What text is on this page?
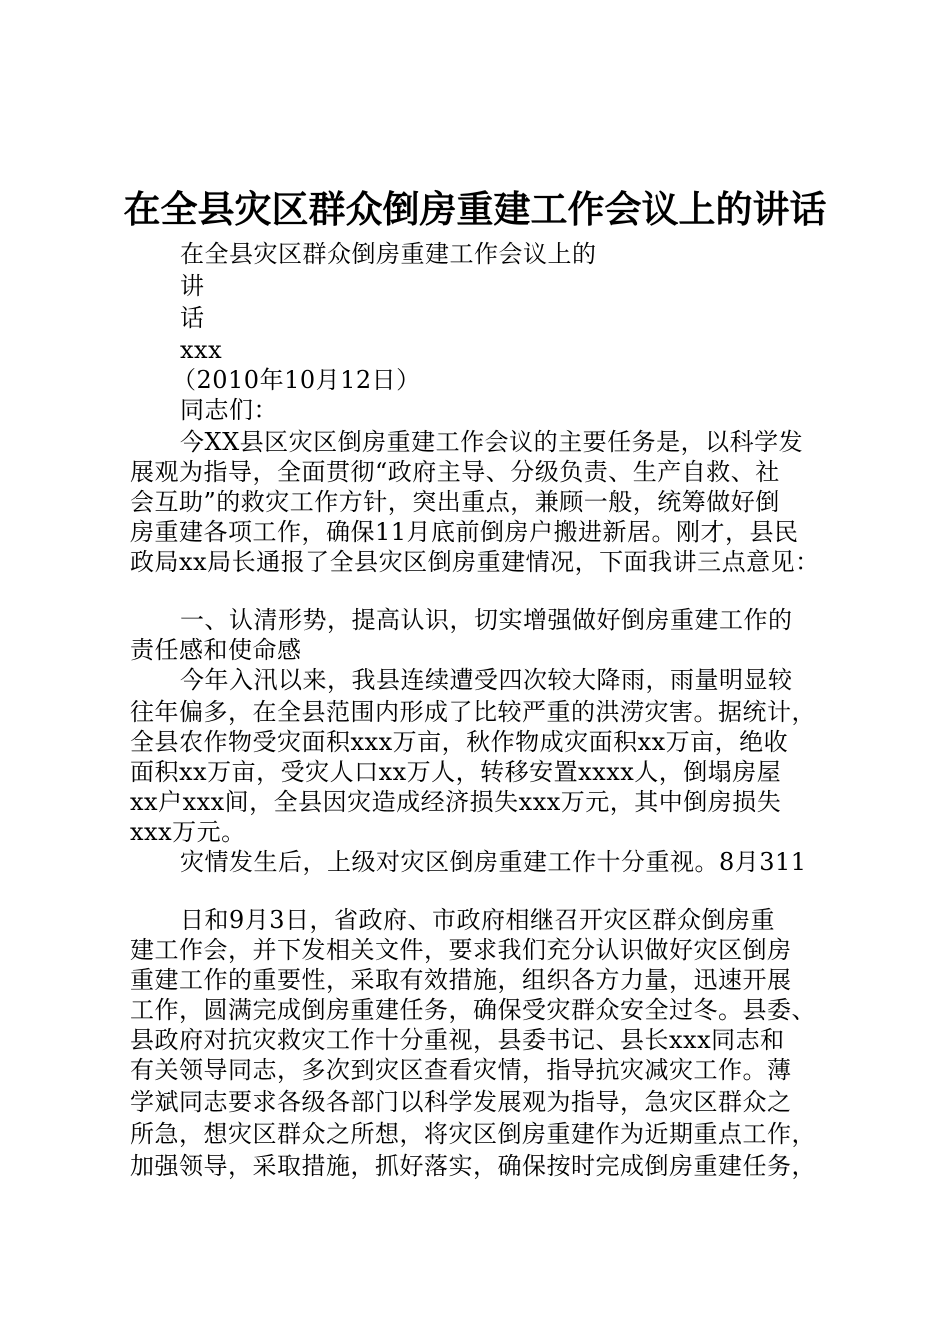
在全县灾区群众倒房重建工作会议上的讲话
在全县灾区群众倒房重建工作会议上的
讲
话
xxx
（2010年10月12日）
同志们：
今XX县区灾区倒房重建工作会议的主要任务是，以科学发
展观为指导，全面贯彻“政府主导、分级负责、生产自救、社
会互助”的救灾工作方针，突出重点，兼顾一般，统筹做好倒
房重建各项工作，确保11月底前倒房户搬进新居。刚才，县民
政局xx局长通报了全县灾区倒房重建情况，下面我讲三点意见：
一、认清形势，提高认识，切实增强做好倒房重建工作的
责任感和使命感
今年入汛以来，我县连续遭受四次较大降雨，雨量明显较
往年偏多，在全县范围内形成了比较严重的洪涝灾害。据统计，
全县农作物受灾面积xxx万亩，秋作物成灾面积xx万亩，绝收
面积xx万亩，受灾人口xx万人，转移安置xxxx人，倒塌房屋
xx户xxx间，全县因灾造成经济损失xxx万元，其中倒房损失
xxx万元。
灾情发生后，上级对灾区倒房重建工作十分重视。8月311
日和9月3日，省政府、市政府相继召开灾区群众倒房重
建工作会，并下发相关文件，要求我们充分认识做好灾区倒房
重建工作的重要性，采取有效措施，组织各方力量，迅速开展
工作，圆满完成倒房重建任务，确保受灾群众安全过冬。县委、
县政府对抗灾救灾工作十分重视，县委书记、县长xxx同志和
有关领导同志，多次到灾区查看灾情，指导抗灾减灾工作。薄
学斌同志要求各级各部门以科学发展观为指导，急灾区群众之
所急，想灾区群众之所想，将灾区倒房重建作为近期重点工作，
加强领导，采取措施，抓好落实，确保按时完成倒房重建任务，
